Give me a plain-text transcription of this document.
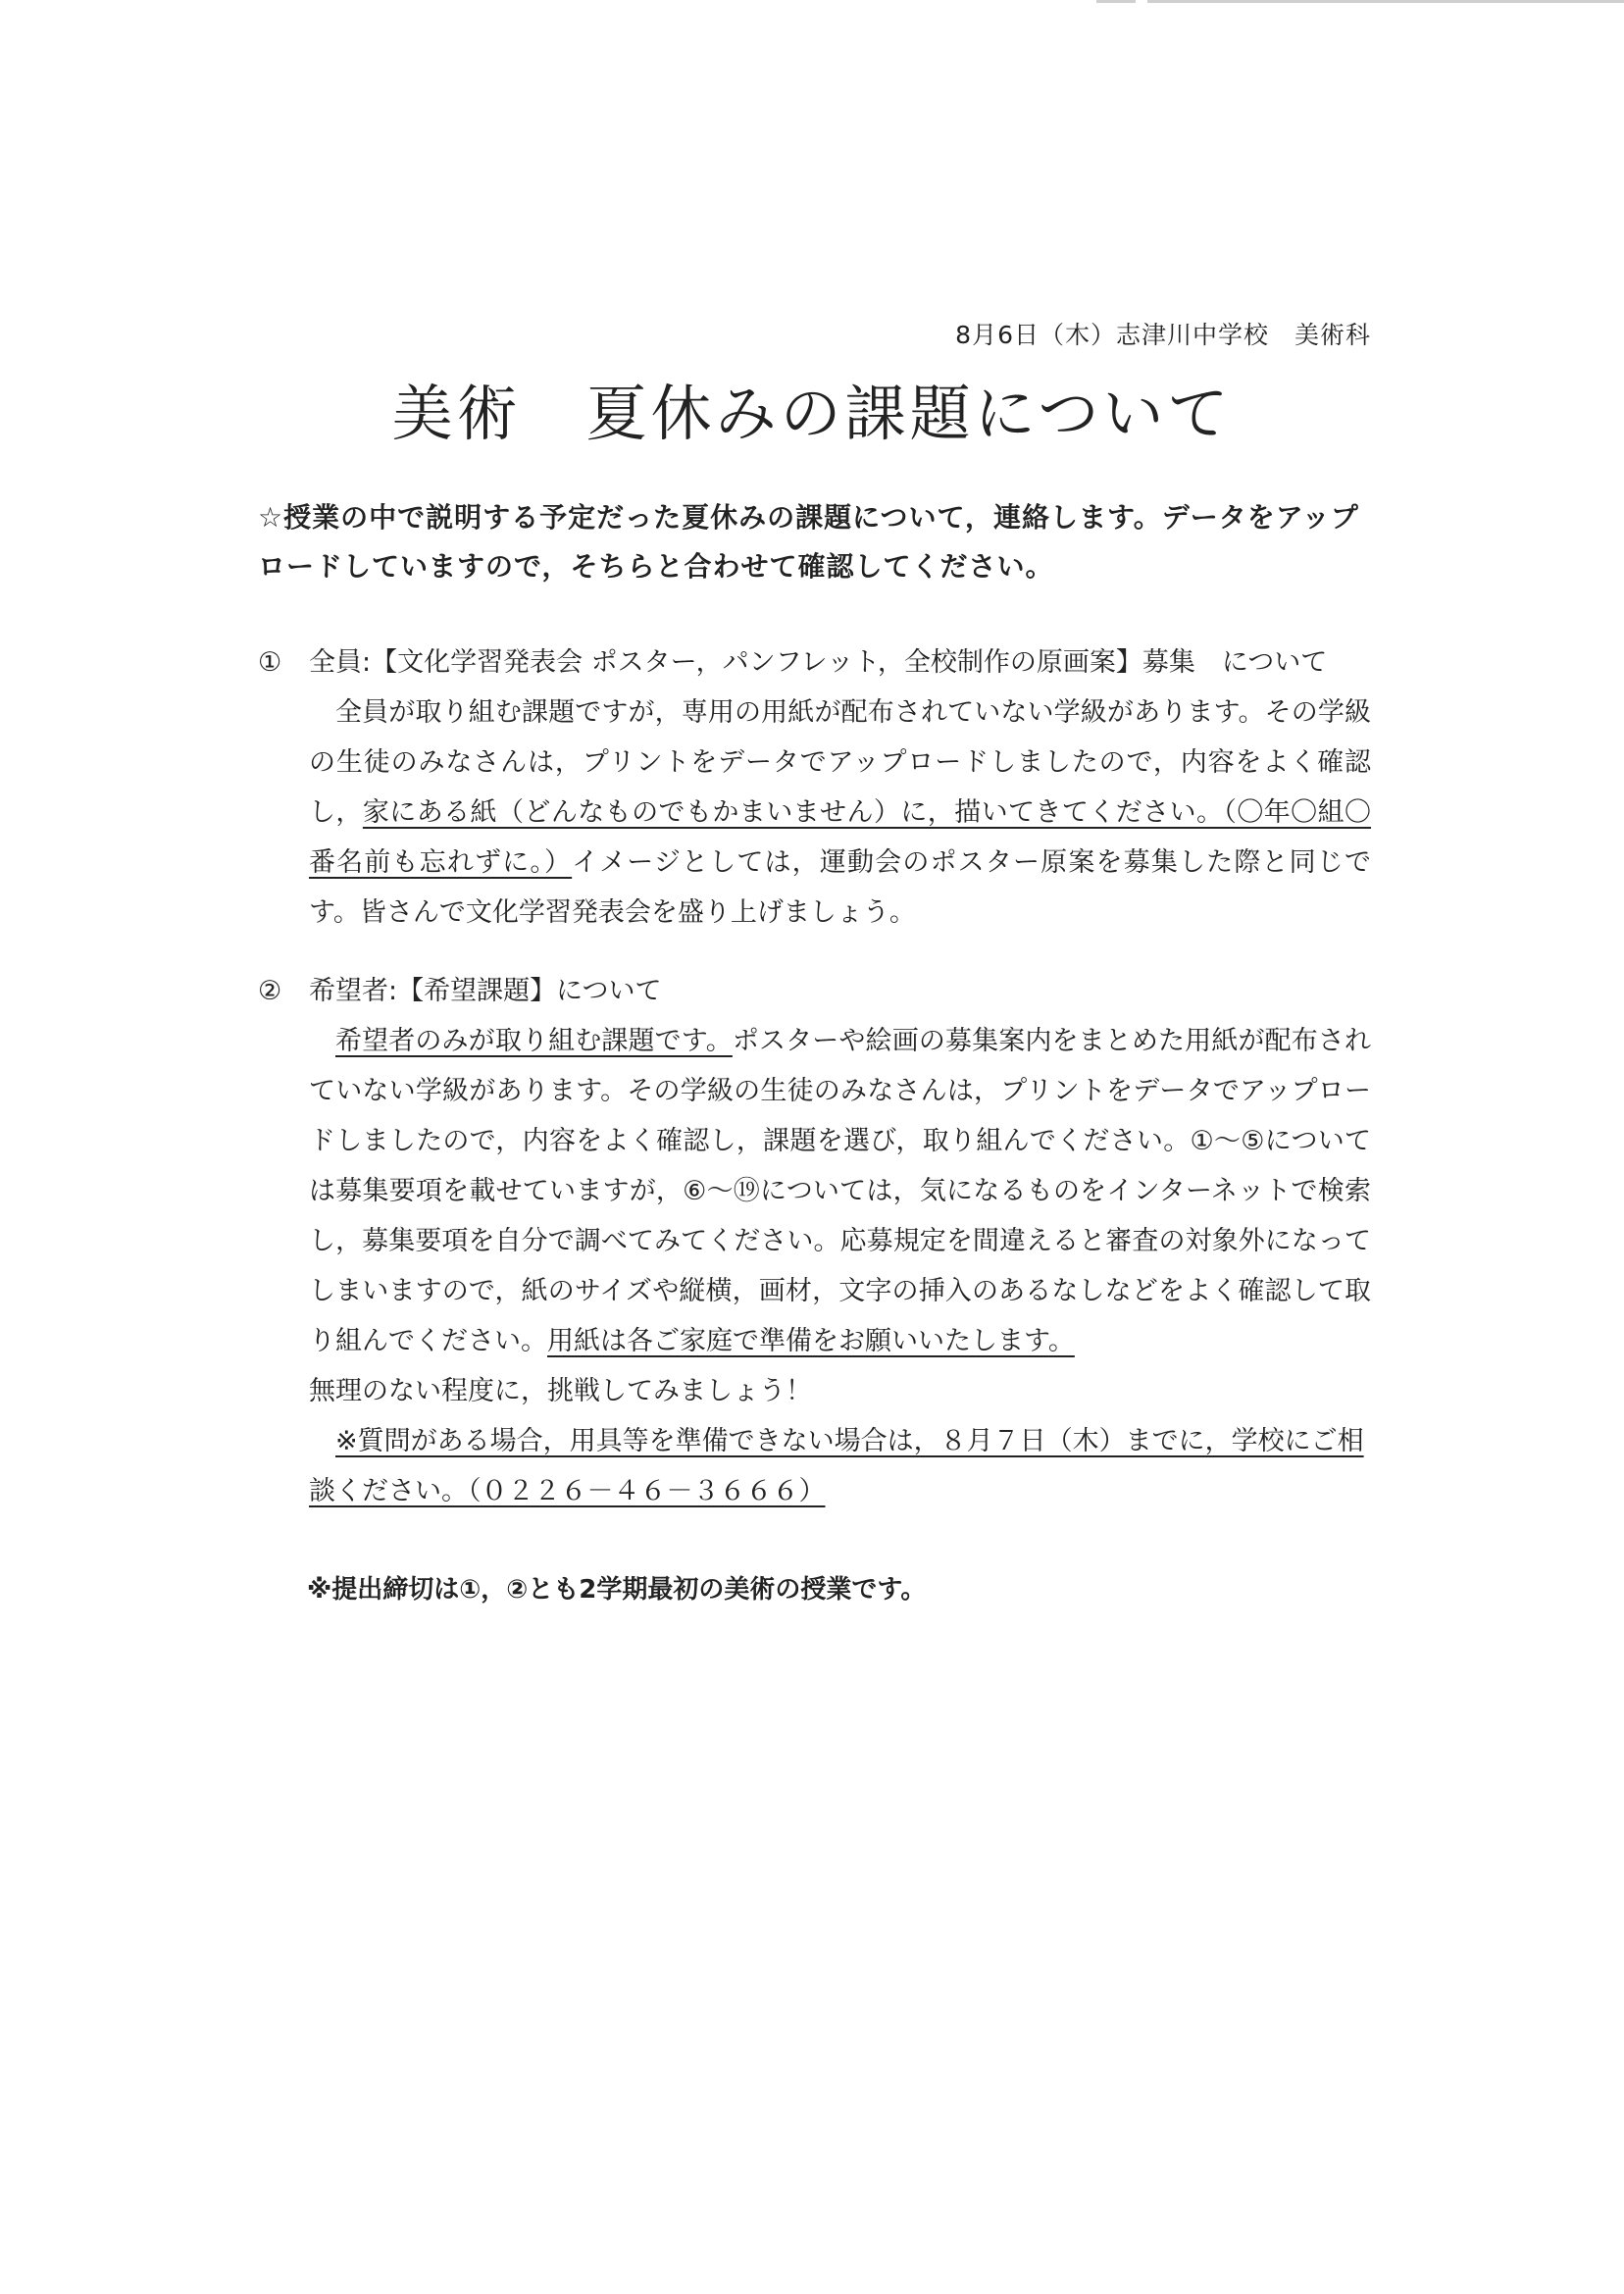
8月6日（木）志津川中学校　美術科
美術　夏休みの課題について
☆授業の中で説明する予定だった夏休みの課題について，連絡します。データをアップロードしていますので，そちらと合わせて確認してください。
① 全員:【文化学習発表会 ポスター，パンフレット，全校制作の原画案】募集　について
全員が取り組む課題ですが，専用の用紙が配布されていない学級があります。その学級の生徒のみなさんは，プリントをデータでアップロードしましたので，内容をよく確認し，家にある紙（どんなものでもかまいません）に，描いてきてください。（〇年〇組〇番名前も忘れずに。）イメージとしては，運動会のポスター原案を募集した際と同じです。皆さんで文化学習発表会を盛り上げましょう。
② 希望者:【希望課題】について
希望者のみが取り組む課題です。ポスターや絵画の募集案内をまとめた用紙が配布されていない学級があります。その学級の生徒のみなさんは，プリントをデータでアップロードしましたので，内容をよく確認し，課題を選び，取り組んでください。①～⑤については募集要項を載せていますが，⑥～⑲については，気になるものをインターネットで検索し，募集要項を自分で調べてみてください。応募規定を間違えると審査の対象外になってしまいますので，紙のサイズや縦横，画材，文字の挿入のあるなしなどをよく確認して取り組んでください。用紙は各ご家庭で準備をお願いいたします。
無理のない程度に，挑戦してみましょう！
※質問がある場合，用具等を準備できない場合は，８月７日（木）までに，学校にご相談ください。（０２２６－４６－３６６６）
※提出締切は①，②とも2学期最初の美術の授業です。
